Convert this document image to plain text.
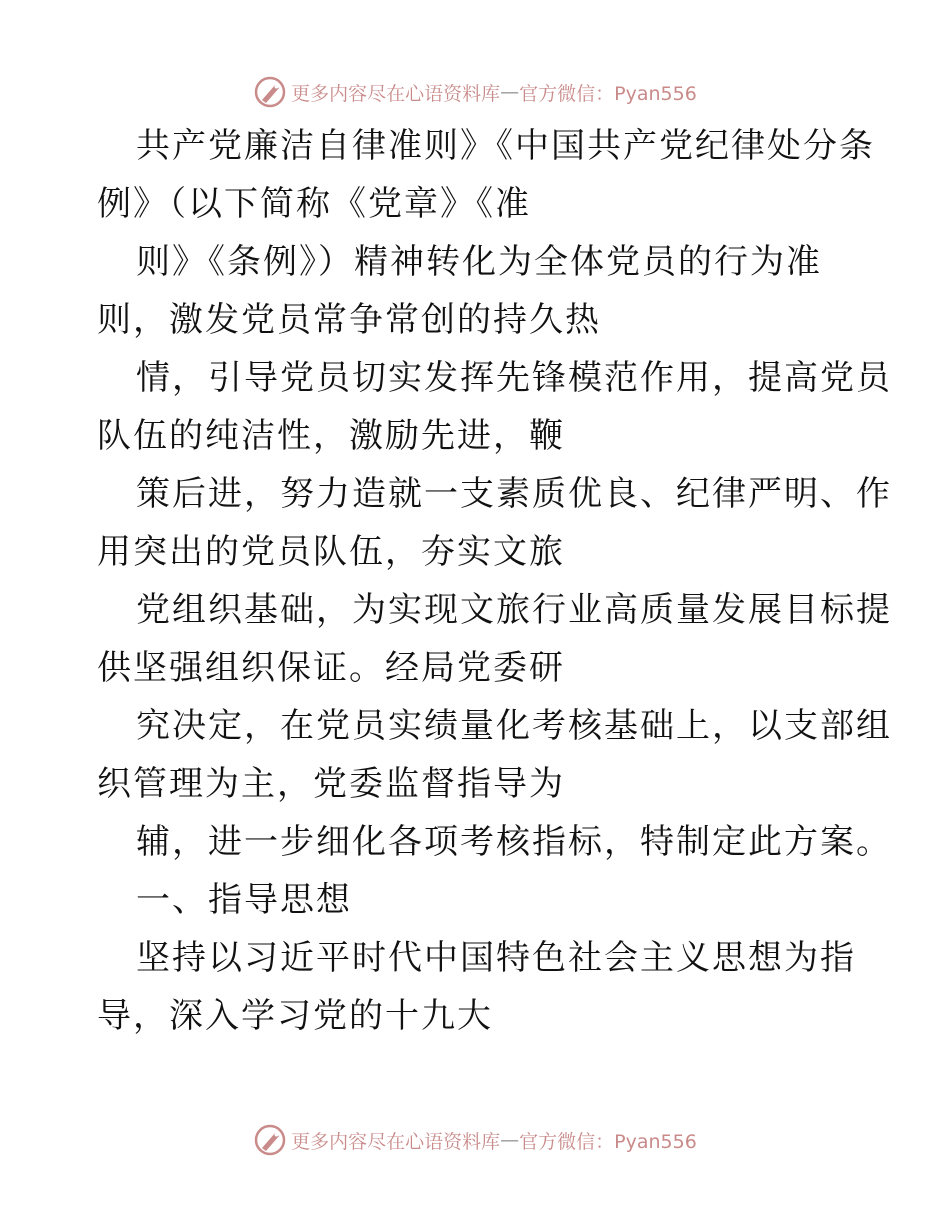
更多内容尽在心语资料库 — 官方微信：Pyan556
共产党廉洁自律准则》《中国共产党纪律处分条
例》（以下简称《党章》《准
则》《条例》）精神转化为全体党员的行为准
则，激发党员常争常创的持久热
情，引导党员切实发挥先锋模范作用，提高党员
队伍的纯洁性，激励先进，鞭
策后进，努力造就一支素质优良、纪律严明、作
用突出的党员队伍，夯实文旅
党组织基础，为实现文旅行业高质量发展目标提
供坚强组织保证。经局党委研
究决定，在党员实绩量化考核基础上，以支部组
织管理为主，党委监督指导为
辅，进一步细化各项考核指标，特制定此方案。
一、指导思想
坚持以习近平时代中国特色社会主义思想为指
导，深入学习党的十九大
更多内容尽在心语资料库 — 官方微信：Pyan556
